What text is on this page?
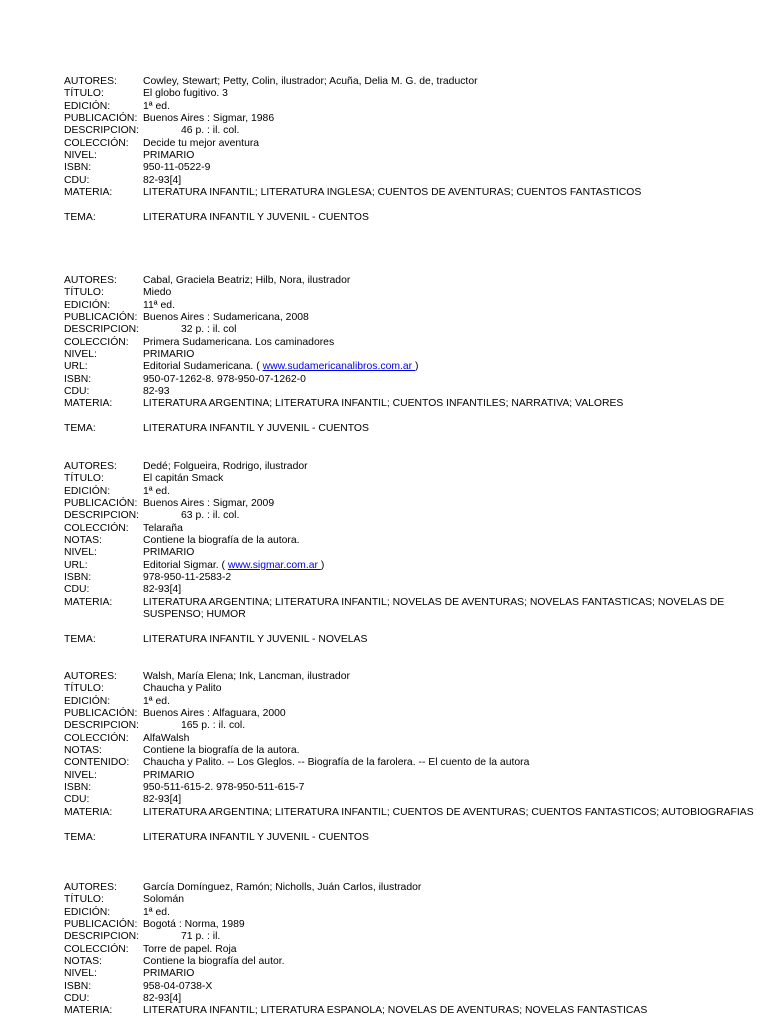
AUTORES:	Cowley, Stewart; Petty, Colin, ilustrador; Acuña, Delia M. G. de, traductor
TÍTULO:	El globo fugitivo. 3
EDICIÓN:	1ª ed.
PUBLICACIÓN: Buenos Aires : Sigmar, 1986
DESCRIPCION:	46 p. : il. col.
COLECCIÓN:	Decide tu mejor aventura
NIVEL:	PRIMARIO
ISBN:	950-11-0522-9
CDU:	82-93[4]
MATERIA:	LITERATURA INFANTIL; LITERATURA INGLESA; CUENTOS DE AVENTURAS; CUENTOS FANTASTICOS
TEMA:	LITERATURA INFANTIL Y JUVENIL - CUENTOS
AUTORES:	Cabal, Graciela Beatriz; Hilb, Nora, ilustrador
TÍTULO:	Miedo
EDICIÓN:	11ª ed.
PUBLICACIÓN: Buenos Aires : Sudamericana, 2008
DESCRIPCION:	32 p. : il. col
COLECCIÓN:	Primera Sudamericana. Los caminadores
NIVEL:	PRIMARIO
URL:	Editorial Sudamericana. ( www.sudamericanalibros.com.ar )
ISBN:	950-07-1262-8. 978-950-07-1262-0
CDU:	82-93
MATERIA:	LITERATURA ARGENTINA; LITERATURA INFANTIL; CUENTOS INFANTILES; NARRATIVA; VALORES
TEMA:	LITERATURA INFANTIL Y JUVENIL - CUENTOS
AUTORES:	Dedé; Folgueira, Rodrigo, ilustrador
TÍTULO:	El capitán Smack
EDICIÓN:	1ª ed.
PUBLICACIÓN: Buenos Aires : Sigmar, 2009
DESCRIPCION:	63 p. : il. col.
COLECCIÓN:	Telaraña
NOTAS:	Contiene la biografía de la autora.
NIVEL:	PRIMARIO
URL:	Editorial Sigmar. ( www.sigmar.com.ar )
ISBN:	978-950-11-2583-2
CDU:	82-93[4]
MATERIA:	LITERATURA ARGENTINA; LITERATURA INFANTIL; NOVELAS DE AVENTURAS; NOVELAS FANTASTICAS; NOVELAS DE SUSPENSO; HUMOR
TEMA:	LITERATURA INFANTIL Y JUVENIL - NOVELAS
AUTORES:	Walsh, María Elena; Ink, Lancman, ilustrador
TÍTULO:	Chaucha y Palito
EDICIÓN:	1ª ed.
PUBLICACIÓN: Buenos Aires : Alfaguara, 2000
DESCRIPCION:	165 p. : il. col.
COLECCIÓN:	AlfaWalsh
NOTAS:	Contiene la biografía de la autora.
CONTENIDO:	Chaucha y Palito. -- Los Gleglos. -- Biografía de la farolera. -- El cuento de la autora
NIVEL:	PRIMARIO
ISBN:	950-511-615-2. 978-950-511-615-7
CDU:	82-93[4]
MATERIA:	LITERATURA ARGENTINA; LITERATURA INFANTIL; CUENTOS DE AVENTURAS; CUENTOS FANTASTICOS; AUTOBIOGRAFIAS
TEMA:	LITERATURA INFANTIL Y JUVENIL - CUENTOS
AUTORES:	García Domínguez, Ramón; Nicholls, Juán Carlos, ilustrador
TÍTULO:	Solomán
EDICIÓN:	1ª ed.
PUBLICACIÓN: Bogotá : Norma, 1989
DESCRIPCION:	71 p. : il.
COLECCIÓN:	Torre de papel. Roja
NOTAS:	Contiene la biografía del autor.
NIVEL:	PRIMARIO
ISBN:	958-04-0738-X
CDU:	82-93[4]
MATERIA:	LITERATURA INFANTIL; LITERATURA ESPANOLA; NOVELAS DE AVENTURAS; NOVELAS FANTASTICAS
